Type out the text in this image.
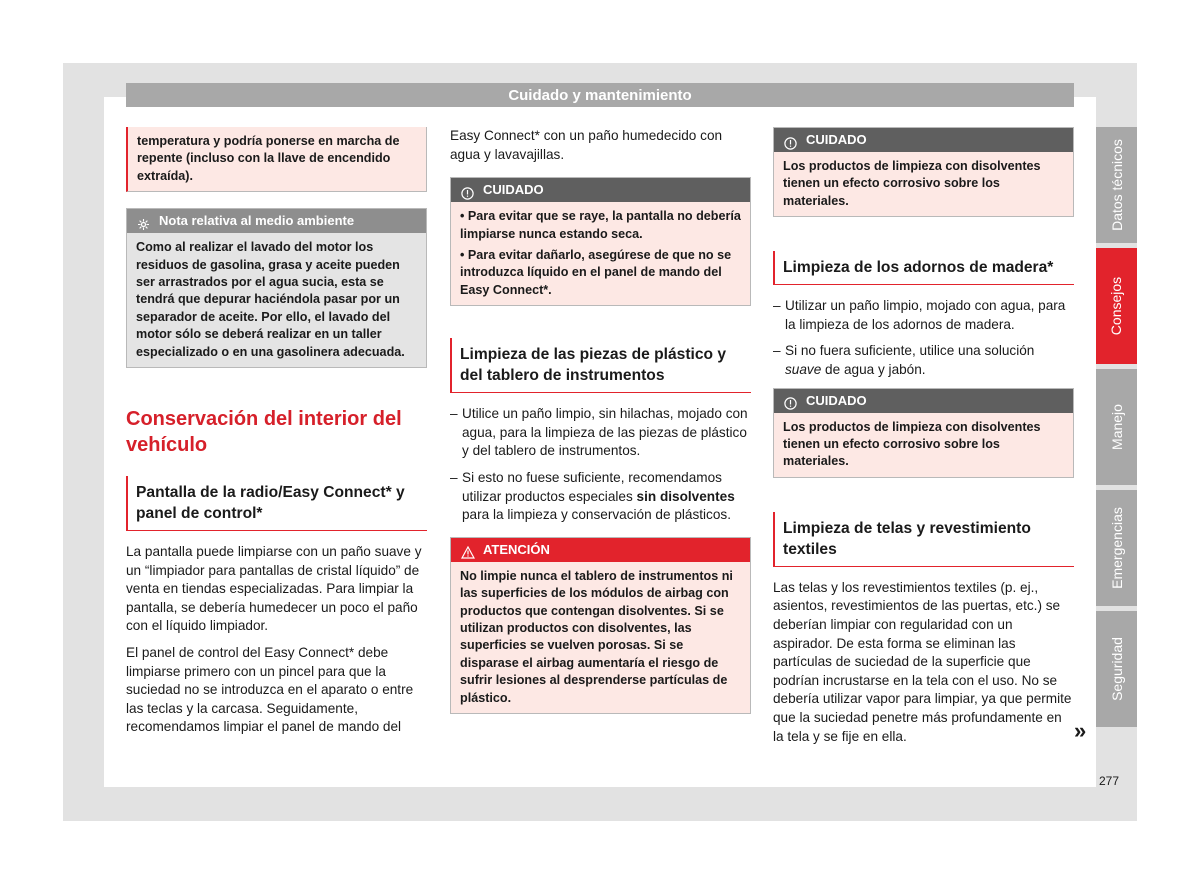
Cuidado y mantenimiento
temperatura y podría ponerse en marcha de repente (incluso con la llave de encendido extraída).
Nota relativa al medio ambiente
Como al realizar el lavado del motor los residuos de gasolina, grasa y aceite pueden ser arrastrados por el agua sucia, esta se tendrá que depurar haciéndola pasar por un separador de aceite. Por ello, el lavado del motor sólo se deberá realizar en un taller especializado o en una gasolinera adecuada.
Conservación del interior del vehículo
Pantalla de la radio/Easy Connect* y panel de control*

La pantalla puede limpiarse con un paño suave y un “limpiador para pantallas de cristal líquido” de venta en tiendas especializadas. Para limpiar la pantalla, se debería humedecer un poco el paño con el líquido limpiador.

El panel de control del Easy Connect* debe limpiarse primero con un pincel para que la suciedad no se introduzca en el aparato o entre las teclas y la carcasa. Seguidamente, recomendamos limpiar el panel de mando del

Easy Connect* con un paño humedecido con agua y lavavajillas.

CUIDADO

• Para evitar que se raye, la pantalla no debería limpiarse nunca estando seca.

• Para evitar dañarlo, asegúrese de que no se introduzca líquido en el panel de mando del Easy Connect*.

Limpieza de las piezas de plástico y del tablero de instrumentos
– Utilice un paño limpio, sin hilachas, mojado con agua, para la limpieza de las piezas de plástico y del tablero de instrumentos.
– Si esto no fuese suficiente, recomendamos utilizar productos especiales sin disolventes para la limpieza y conservación de plásticos.
ATENCIÓN
No limpie nunca el tablero de instrumentos ni las superficies de los módulos de airbag con productos que contengan disolventes. Si se utilizan productos con disolventes, las superficies se vuelven porosas. Si se disparase el airbag aumentaría el riesgo de sufrir lesiones al desprenderse partículas de plástico.
CUIDADO
Los productos de limpieza con disolventes tienen un efecto corrosivo sobre los materiales.
Limpieza de los adornos de madera*
– Utilizar un paño limpio, mojado con agua, para la limpieza de los adornos de madera.
– Si no fuera suficiente, utilice una solución suave de agua y jabón.
CUIDADO
Los productos de limpieza con disolventes tienen un efecto corrosivo sobre los materiales.
Limpieza de telas y revestimiento textiles

Las telas y los revestimientos textiles (p. ej., asientos, revestimientos de las puertas, etc.) se deberían limpiar con regularidad con un aspirador. De esta forma se eliminan las partículas de suciedad de la superficie que podrían incrustarse en la tela con el uso. No se debería utilizar vapor para limpiar, ya que permite que la suciedad penetre más profundamente en la tela y se fije en ella.

Datos técnicos
Consejos
Manejo
Emergencias
Seguridad
»
277
